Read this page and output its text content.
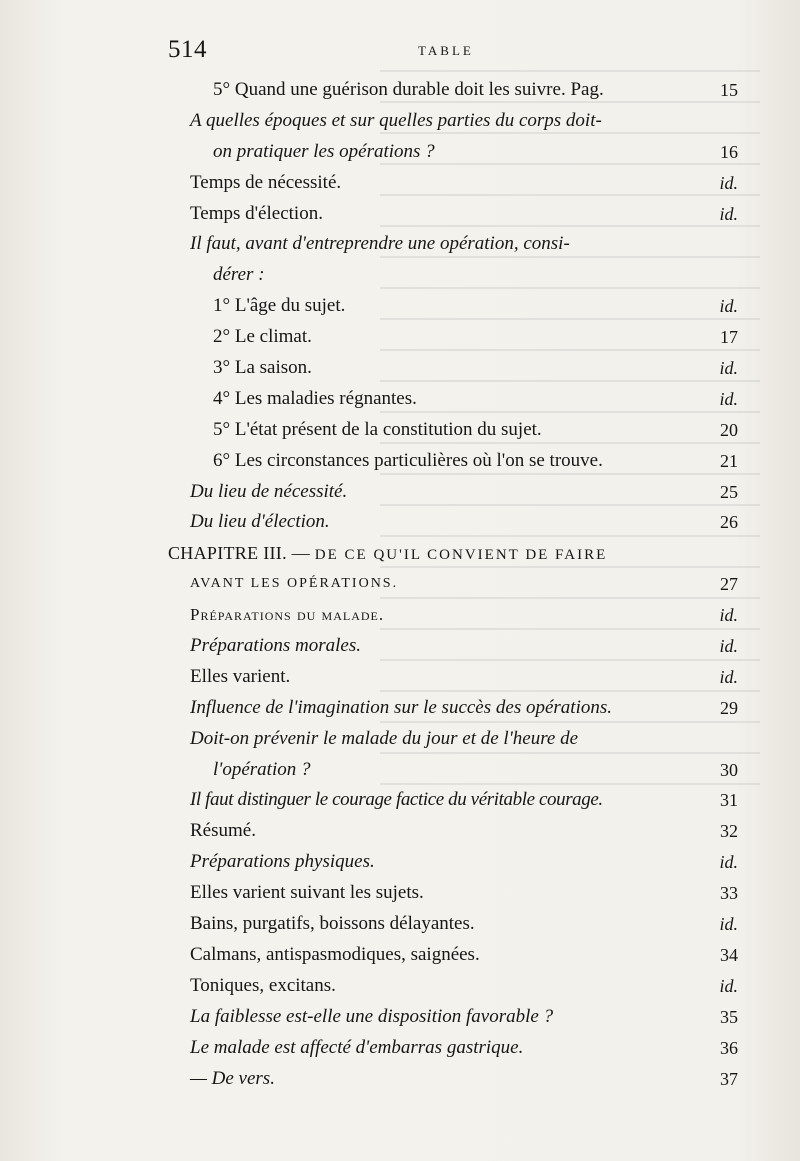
514	TABLE
5° Quand une guérison durable doit les suivre. Pag.	15
A quelles époques et sur quelles parties du corps doit-
on pratiquer les opérations ?	16
Temps de nécessité.	id.
Temps d'élection.	id.
Il faut, avant d'entreprendre une opération, consi-
dérer :
1° L'âge du sujet.	id.
2° Le climat.	17
3° La saison.	id.
4° Les maladies régnantes.	id.
5° L'état présent de la constitution du sujet.	20
6° Les circonstances particulières où l'on se trouve.	21
Du lieu de nécessité.	25
Du lieu d'élection.	26
CHAPITRE III. — DE CE QU'IL CONVIENT DE FAIRE
AVANT LES OPÉRATIONS.	27
Préparations du malade.	id.
Préparations morales.	id.
Elles varient.	id.
Influence de l'imagination sur le succès des opérations.	29
Doit-on prévenir le malade du jour et de l'heure de
l'opération ?	30
Il faut distinguer le courage factice du véritable courage.	31
Résumé.	32
Préparations physiques.	id.
Elles varient suivant les sujets.	33
Bains, purgatifs, boissons délayantes.	id.
Calmans, antispasmodiques, saignées.	34
Toniques, excitans.	id.
La faiblesse est-elle une disposition favorable ?	35
Le malade est affecté d'embarras gastrique.	36
— De vers.	37
